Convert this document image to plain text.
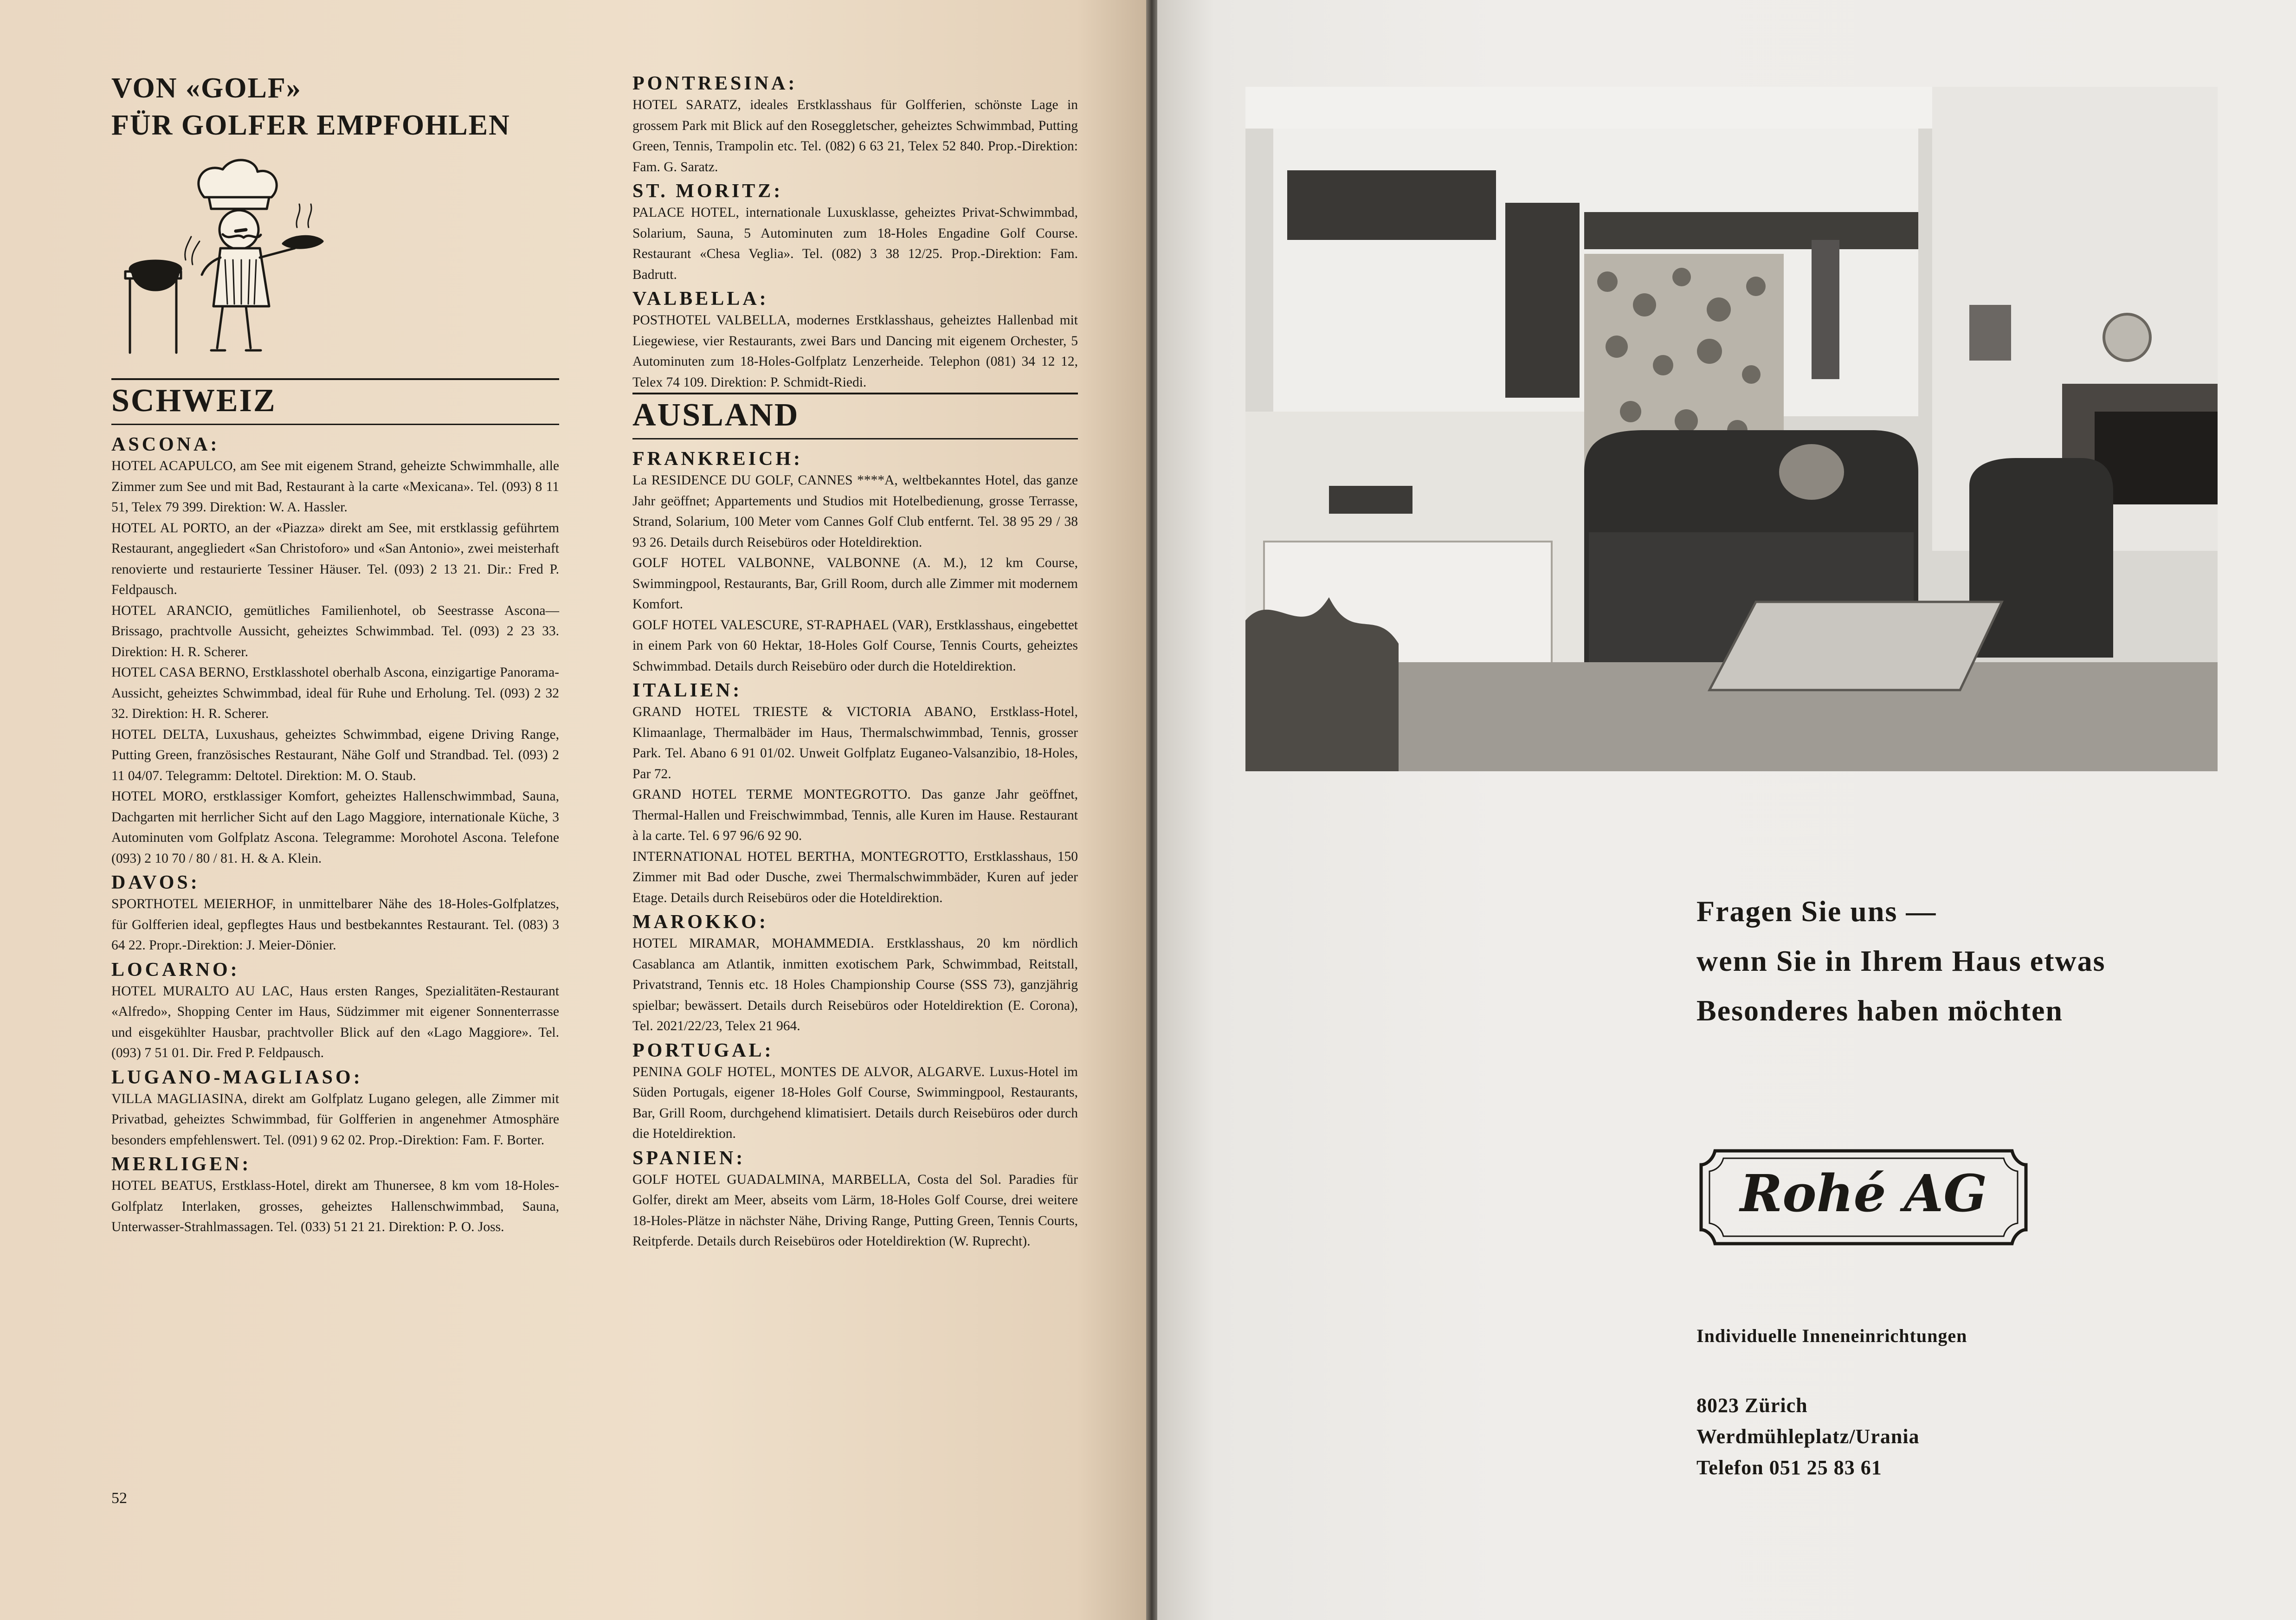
VON «GOLF»
FÜR GOLFER EMPFOHLEN
SCHWEIZ
ASCONA:

HOTEL ACAPULCO, am See mit eigenem Strand, geheizte Schwimmhalle, alle Zimmer zum See und mit Bad, Restaurant à la carte «Mexicana». Tel. (093) 8 11 51, Telex 79 399. Direktion: W. A. Hassler.

HOTEL AL PORTO, an der «Piazza» direkt am See, mit erstklassig geführtem Restaurant, angegliedert «San Christoforo» und «San Antonio», zwei meisterhaft renovierte und restaurierte Tessiner Häuser. Tel. (093) 2 13 21. Dir.: Fred P. Feldpausch.

HOTEL ARANCIO, gemütliches Familienhotel, ob Seestrasse Ascona—Brissago, prachtvolle Aussicht, geheiztes Schwimmbad. Tel. (093) 2 23 33. Direktion: H. R. Scherer.

HOTEL CASA BERNO, Erstklasshotel oberhalb Ascona, einzigartige Panorama-Aussicht, geheiztes Schwimmbad, ideal für Ruhe und Erholung. Tel. (093) 2 32 32. Direktion: H. R. Scherer.

HOTEL DELTA, Luxushaus, geheiztes Schwimmbad, eigene Driving Range, Putting Green, französisches Restaurant, Nähe Golf und Strandbad. Tel. (093) 2 11 04/07. Telegramm: Deltotel. Direktion: M. O. Staub.

HOTEL MORO, erstklassiger Komfort, geheiztes Hallenschwimmbad, Sauna, Dachgarten mit herrlicher Sicht auf den Lago Maggiore, internationale Küche, 3 Autominuten vom Golfplatz Ascona. Telegramme: Morohotel Ascona. Telefone (093) 2 10 70 / 80 / 81. H. & A. Klein.

DAVOS:

SPORTHOTEL MEIERHOF, in unmittelbarer Nähe des 18-Holes-Golfplatzes, für Golfferien ideal, gepflegtes Haus und bestbekanntes Restaurant. Tel. (083) 3 64 22. Propr.-Direktion: J. Meier-Dönier.

LOCARNO:

HOTEL MURALTO AU LAC, Haus ersten Ranges, Spezialitäten-Restaurant «Alfredo», Shopping Center im Haus, Südzimmer mit eigener Sonnenterrasse und eisgekühlter Hausbar, prachtvoller Blick auf den «Lago Maggiore». Tel. (093) 7 51 01. Dir. Fred P. Feldpausch.

LUGANO-MAGLIASO:

VILLA MAGLIASINA, direkt am Golfplatz Lugano gelegen, alle Zimmer mit Privatbad, geheiztes Schwimmbad, für Golfferien in angenehmer Atmosphäre besonders empfehlenswert. Tel. (091) 9 62 02. Prop.-Direktion: Fam. F. Borter.

MERLIGEN:

HOTEL BEATUS, Erstklass-Hotel, direkt am Thunersee, 8 km vom 18-Holes-Golfplatz Interlaken, grosses, geheiztes Hallenschwimmbad, Sauna, Unterwasser-Strahlmassagen. Tel. (033) 51 21 21. Direktion: P. O. Joss.

PONTRESINA:

HOTEL SARATZ, ideales Erstklasshaus für Golfferien, schönste Lage in grossem Park mit Blick auf den Roseggletscher, geheiztes Schwimmbad, Putting Green, Tennis, Trampolin etc. Tel. (082) 6 63 21, Telex 52 840. Prop.-Direktion: Fam. G. Saratz.

ST. MORITZ:

PALACE HOTEL, internationale Luxusklasse, geheiztes Privat-Schwimmbad, Solarium, Sauna, 5 Autominuten zum 18-Holes Engadine Golf Course. Restaurant «Chesa Veglia». Tel. (082) 3 38 12/25. Prop.-Direktion: Fam. Badrutt.

VALBELLA:

POSTHOTEL VALBELLA, modernes Erstklasshaus, geheiztes Hallenbad mit Liegewiese, vier Restaurants, zwei Bars und Dancing mit eigenem Orchester, 5 Autominuten zum 18-Holes-Golfplatz Lenzerheide. Telephon (081) 34 12 12, Telex 74 109. Direktion: P. Schmidt-Riedi.

AUSLAND
FRANKREICH:

La RESIDENCE DU GOLF, CANNES ****A, weltbekanntes Hotel, das ganze Jahr geöffnet; Appartements und Studios mit Hotelbedienung, grosse Terrasse, Strand, Solarium, 100 Meter vom Cannes Golf Club entfernt. Tel. 38 95 29 / 38 93 26. Details durch Reisebüros oder Hoteldirektion.

GOLF HOTEL VALBONNE, VALBONNE (A. M.), 12 km Course, Swimmingpool, Restaurants, Bar, Grill Room, durch alle Zimmer mit modernem Komfort.

GOLF HOTEL VALESCURE, ST-RAPHAEL (VAR), Erstklasshaus, eingebettet in einem Park von 60 Hektar, 18-Holes Golf Course, Tennis Courts, geheiztes Schwimmbad. Details durch Reisebüro oder durch die Hoteldirektion.

ITALIEN:

GRAND HOTEL TRIESTE & VICTORIA ABANO, Erstklass-Hotel, Klimaanlage, Thermalbäder im Haus, Thermalschwimmbad, Tennis, grosser Park. Tel. Abano 6 91 01/02. Unweit Golfplatz Euganeo-Valsanzibio, 18-Holes, Par 72.

GRAND HOTEL TERME MONTEGROTTO. Das ganze Jahr geöffnet, Thermal-Hallen und Freischwimmbad, Tennis, alle Kuren im Hause. Restaurant à la carte. Tel. 6 97 96/6 92 90.

INTERNATIONAL HOTEL BERTHA, MONTEGROTTO, Erstklasshaus, 150 Zimmer mit Bad oder Dusche, zwei Thermalschwimmbäder, Kuren auf jeder Etage. Details durch Reisebüros oder die Hoteldirektion.

MAROKKO:

HOTEL MIRAMAR, MOHAMMEDIA. Erstklasshaus, 20 km nördlich Casablanca am Atlantik, inmitten exotischem Park, Schwimmbad, Reitstall, Privatstrand, Tennis etc. 18 Holes Championship Course (SSS 73), ganzjährig spielbar; bewässert. Details durch Reisebüros oder Hoteldirektion (E. Corona), Tel. 2021/22/23, Telex 21 964.

PORTUGAL:

PENINA GOLF HOTEL, MONTES DE ALVOR, ALGARVE. Luxus-Hotel im Süden Portugals, eigener 18-Holes Golf Course, Swimmingpool, Restaurants, Bar, Grill Room, durchgehend klimatisiert. Details durch Reisebüros oder durch die Hoteldirektion.

SPANIEN:

GOLF HOTEL GUADALMINA, MARBELLA, Costa del Sol. Paradies für Golfer, direkt am Meer, abseits vom Lärm, 18-Holes Golf Course, drei weitere 18-Holes-Plätze in nächster Nähe, Driving Range, Putting Green, Tennis Courts, Reitpferde. Details durch Reisebüros oder Hoteldirektion (W. Ruprecht).

52
Fragen Sie uns —
wenn Sie in Ihrem Haus etwas
Besonderes haben möchten
Rohé AG
Individuelle Inneneinrichtungen
8023 Zürich
Werdmühleplatz/Urania
Telefon 051 25 83 61
